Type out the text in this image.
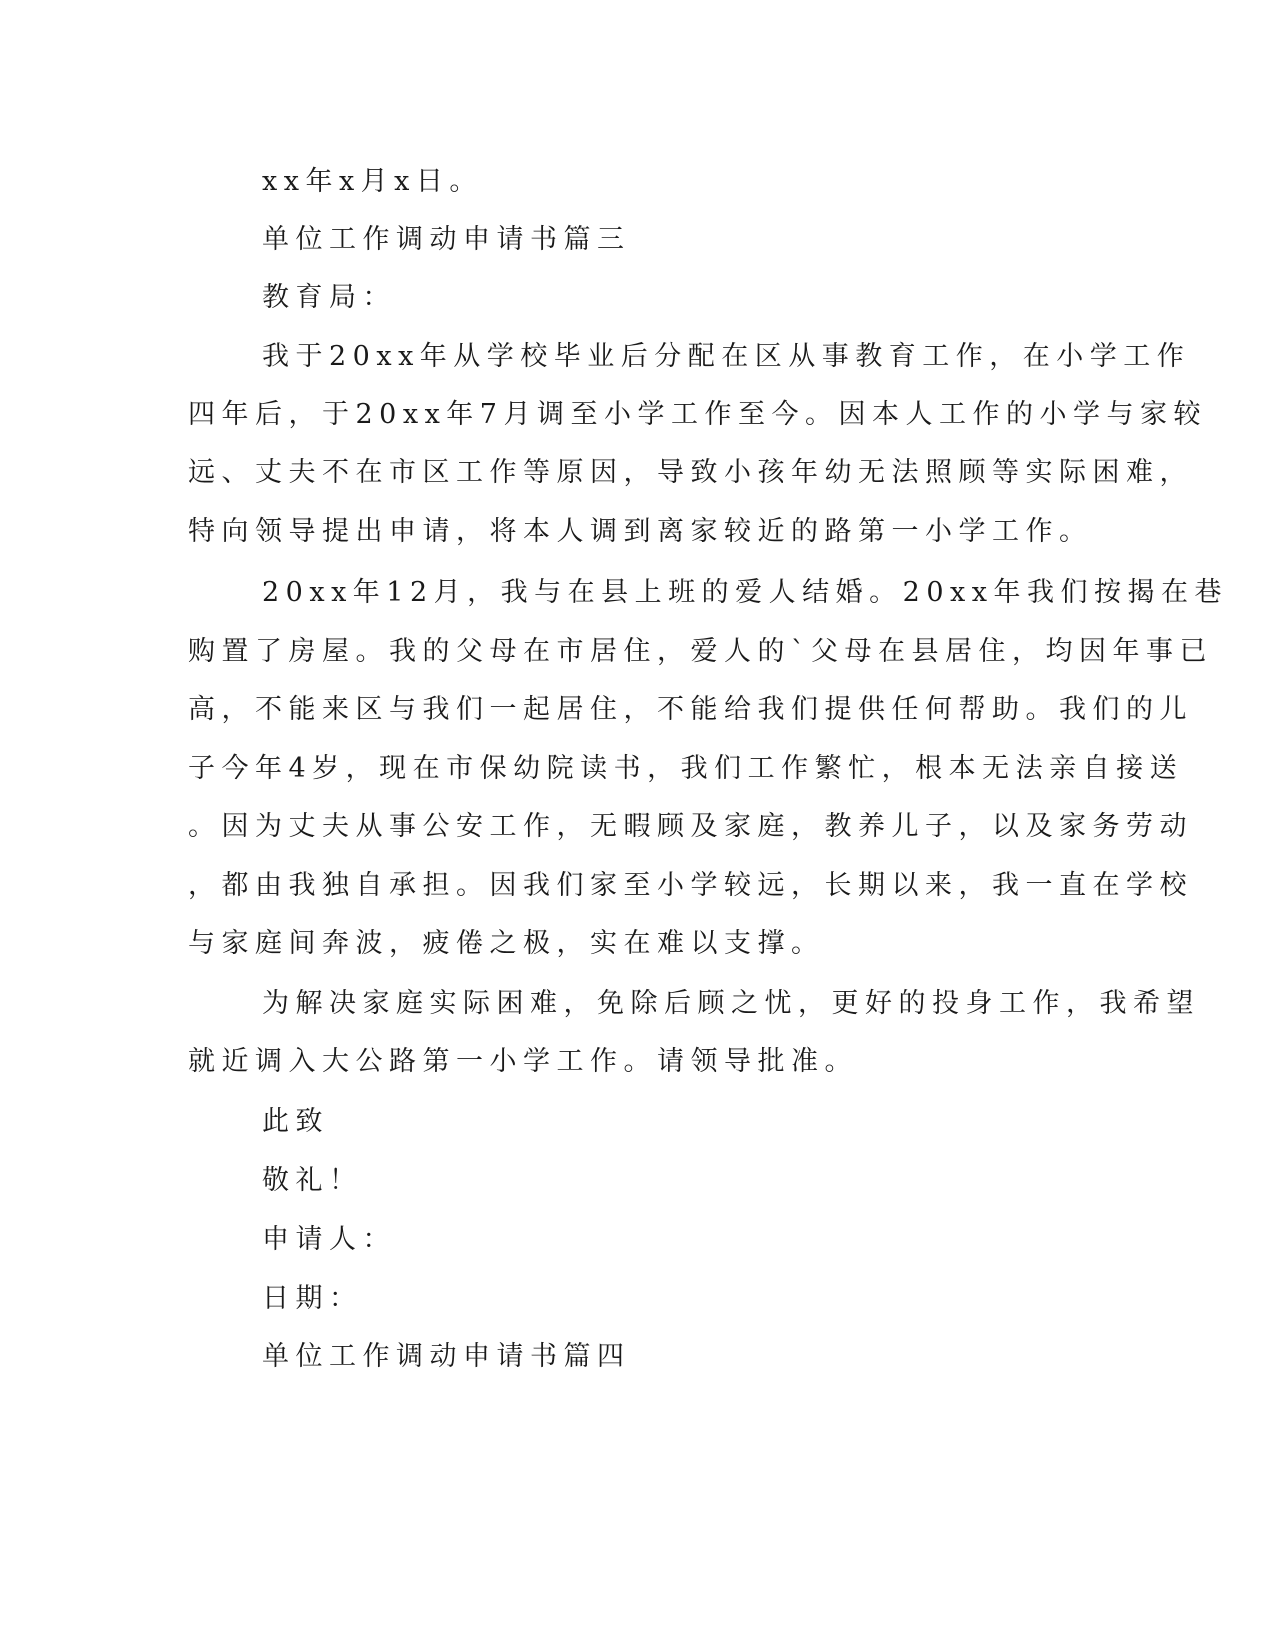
xx年x月x日。
单位工作调动申请书篇三
教育局：
我于20xx年从学校毕业后分配在区从事教育工作，在小学工作
四年后，于20xx年7月调至小学工作至今。因本人工作的小学与家较
远、丈夫不在市区工作等原因，导致小孩年幼无法照顾等实际困难，
特向领导提出申请，将本人调到离家较近的路第一小学工作。
20xx年12月，我与在县上班的爱人结婚。20xx年我们按揭在巷
购置了房屋。我的父母在市居住，爱人的`父母在县居住，均因年事已
高，不能来区与我们一起居住，不能给我们提供任何帮助。我们的儿
子今年4岁，现在市保幼院读书，我们工作繁忙，根本无法亲自接送
。因为丈夫从事公安工作，无暇顾及家庭，教养儿子，以及家务劳动
，都由我独自承担。因我们家至小学较远，长期以来，我一直在学校
与家庭间奔波，疲倦之极，实在难以支撑。
为解决家庭实际困难，免除后顾之忧，更好的投身工作，我希望
就近调入大公路第一小学工作。请领导批准。
此致
敬礼！
申请人：
日期：
单位工作调动申请书篇四
